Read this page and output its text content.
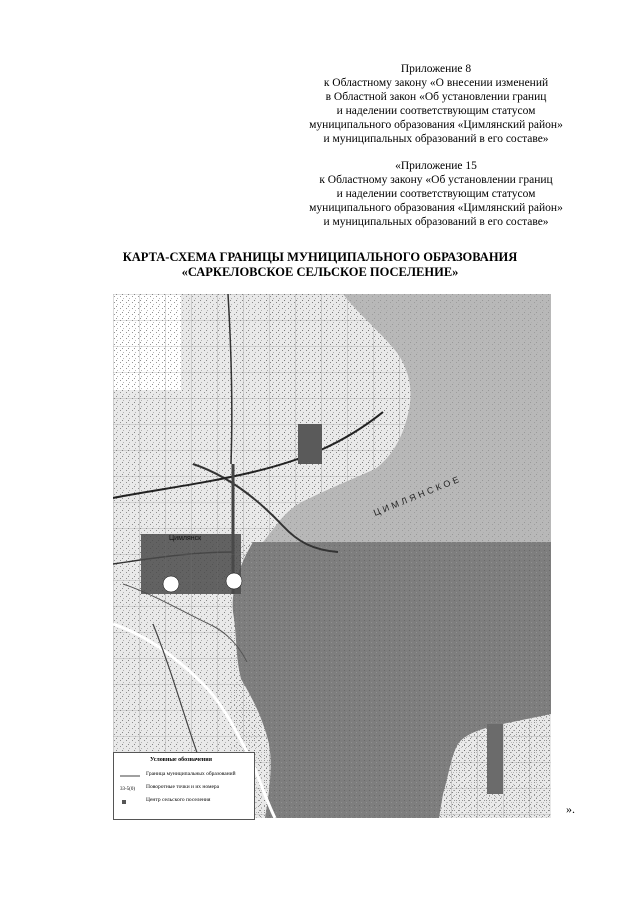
Приложение 8
к Областному закону «О внесении изменений
в Областной закон «Об установлении границ
и наделении соответствующим статусом
муниципального образования «Цимлянский район»
и муниципальных образований в его составе»
«Приложение 15
к Областному закону «Об установлении границ
и наделении соответствующим статусом
муниципального образования «Цимлянский район»
и муниципальных образований в его составе»
КАРТА-СХЕМА ГРАНИЦЫ МУНИЦИПАЛЬНОГО ОБРАЗОВАНИЯ
«САРКЕЛОВСКОЕ СЕЛЬСКОЕ ПОСЕЛЕНИЕ»
Цимлянск
ЦИМЛЯНСКОЕ
Условные обозначения
Граница муниципальных образований
33-5(0)	Поворотные точки и их номера
Центр сельского поселения
».
